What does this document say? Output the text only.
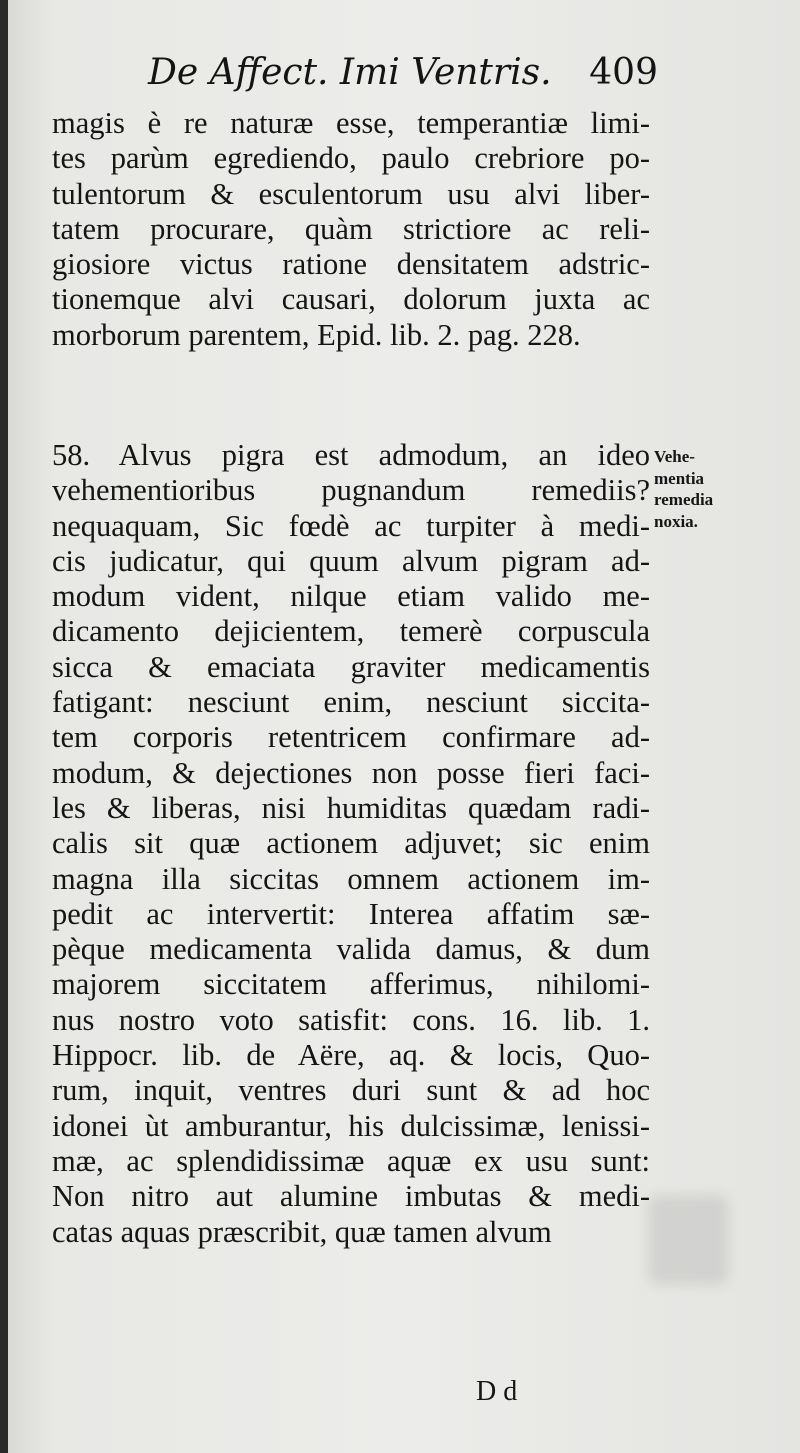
De Affect. Imi Ventris. 409
magis è re naturæ esse, temperantiæ limi-
tes parùm egrediendo, paulo crebriore po-
tulentorum & esculentorum usu alvi liber-
tatem procurare, quàm strictiore ac reli-
giosiore victus ratione densitatem adstric-
tionemque alvi causari, dolorum juxta ac
morborum parentem, Epid. lib. 2. pag. 228.
58. Alvus pigra est admodum, an ideo
vehementioribus pugnandum remediis?
nequaquam, Sic fœdè ac turpiter à medi-
cis judicatur, qui quum alvum pigram ad-
modum vident, nilque etiam valido me-
dicamento dejicientem, temerè corpuscula
sicca & emaciata graviter medicamentis
fatigant: nesciunt enim, nesciunt siccita-
tem corporis retentricem confirmare ad-
modum, & dejectiones non posse fieri faci-
les & liberas, nisi humiditas quædam radi-
calis sit quæ actionem adjuvet; sic enim
magna illa siccitas omnem actionem im-
pedit ac intervertit: Interea affatim sæ-
pèque medicamenta valida damus, & dum
majorem siccitatem afferimus, nihilomi-
nus nostro voto satisfit: cons. 16. lib. 1.
Hippocr. lib. de Aëre, aq. & locis, Quo-
rum, inquit, ventres duri sunt & ad hoc
idonei ùt amburantur, his dulcissimæ, lenissi-
mæ, ac splendidissimæ aquæ ex usu sunt:
Non nitro aut alumine imbutas & medi-
catas aquas præscribit, quæ tamen alvum
Vehe-
mentia
remedia
noxia.
D d
